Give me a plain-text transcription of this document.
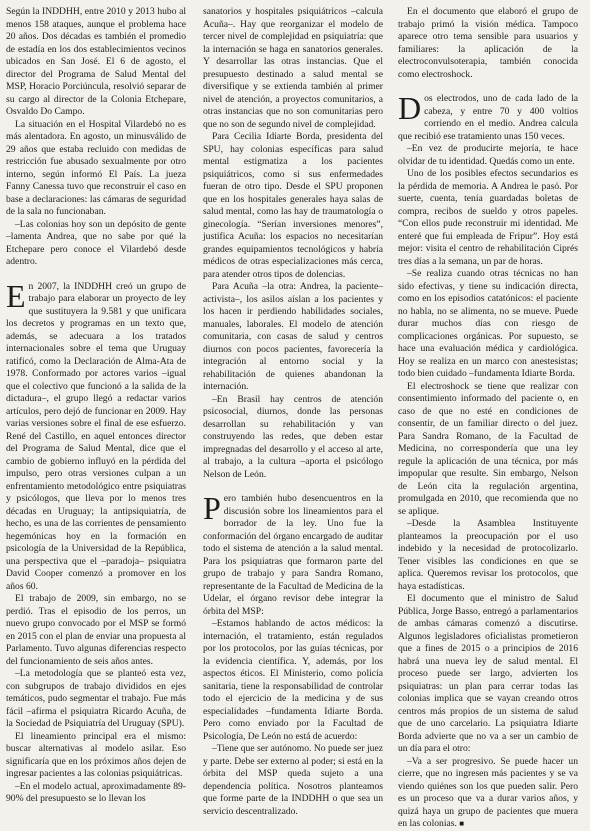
Según la INDDHH, entre 2010 y 2013 hubo al menos 158 ataques, aunque el problema hace 20 años. Dos décadas es también el promedio de estadía en los dos establecimientos vecinos ubicados en San José. El 6 de agosto, el director del Programa de Salud Mental del MSP, Horacio Porciúncula, resolvió separar de su cargo al director de la Colonia Etchepare, Osvaldo Do Campo.

La situación en el Hospital Vilardebó no es más alentadora. En agosto, un minusválido de 29 años que estaba recluido con medidas de restricción fue abusado sexualmente por otro interno, según informó El País. La jueza Fanny Canessa tuvo que reconstruir el caso en base a declaraciones: las cámaras de seguridad de la sala no funcionaban.

–Las colonias hoy son un depósito de gente –lamenta Andrea, que no sabe por qué la Etchepare pero conoce el Vilardebó desde adentro.

En 2007, la INDDHH creó un grupo de trabajo para elaborar un proyecto de ley que sustituyera la 9.581 y que unificara los decretos y programas en un texto que, además, se adecuara a los tratados internacionales sobre el tema que Uruguay ratificó, como la Declaración de Alma-Ata de 1978. Conformado por actores varios –igual que el colectivo que funcionó a la salida de la dictadura–, el grupo llegó a redactar varios artículos, pero dejó de funcionar en 2009. Hay varias versiones sobre el final de ese esfuerzo. René del Castillo, en aquel entonces director del Programa de Salud Mental, dice que el cambio de gobierno influyó en la pérdida del impulso, pero otras versiones culpan a un enfrentamiento metodológico entre psiquiatras y psicólogos, que lleva por lo menos tres décadas en Uruguay; la antipsiquiatría, de hecho, es una de las corrientes de pensamiento hegemónicas hoy en la formación en psicología de la Universidad de la República, una perspectiva que el –paradoja– psiquiatra David Cooper comenzó a promover en los años 60.

El trabajo de 2009, sin embargo, no se perdió. Tras el episodio de los perros, un nuevo grupo convocado por el MSP se formó en 2015 con el plan de enviar una propuesta al Parlamento. Tuvo algunas diferencias respecto del funcionamiento de seis años antes.

–La metodología que se planteó esta vez, con subgrupos de trabajo divididos en ejes temáticos, pudo segmentar el trabajo. Fue más fácil –afirma el psiquiatra Ricardo Acuña, de la Sociedad de Psiquiatría del Uruguay (SPU).

El lineamiento principal era el mismo: buscar alternativas al modelo asilar. Eso significaría que en los próximos años dejen de ingresar pacientes a las colonias psiquiátricas.

–En el modelo actual, aproximadamente 89-90% del presupuesto se lo llevan los

sanatorios y hospitales psiquiátricos –calcula Acuña–. Hay que reorganizar el modelo de tercer nivel de complejidad en psiquiatría: que la internación se haga en sanatorios generales. Y desarrollar las otras instancias. Que el presupuesto destinado a salud mental se diversifique y se extienda también al primer nivel de atención, a proyectos comunitarios, a otras instancias que no son comunitarias pero que no son de segundo nivel de complejidad.

Para Cecilia Idiarte Borda, presidenta del SPU, hay colonias específicas para salud mental estigmatiza a los pacientes psiquiátricos, como si sus enfermedades fueran de otro tipo. Desde el SPU proponen que en los hospitales generales haya salas de salud mental, como las hay de traumatología o ginecología. “Serían inversiones menores”, justifica Acuña: los espacios no necesitarían grandes equipamientos tecnológicos y habría médicos de otras especializaciones más cerca, para atender otros tipos de dolencias.

Para Acuña –la otra: Andrea, la paciente–activista–, los asilos aíslan a los pacientes y los hacen ir perdiendo habilidades sociales, manuales, laborales. El modelo de atención comunitaria, con casas de salud y centros diurnos con pocos pacientes, favorecería la integración al entorno social y la rehabilitación de quienes abandonan la internación.

–En Brasil hay centros de atención psicosocial, diurnos, donde las personas desarrollan su rehabilitación y van construyendo las redes, que deben estar impregnadas del desarrollo y el acceso al arte, al trabajo, a la cultura –aporta el psicólogo Nelson de León.

Pero también hubo desencuentros en la discusión sobre los lineamientos para el borrador de la ley. Uno fue la conformación del órgano encargado de auditar todo el sistema de atención a la salud mental. Para los psiquiatras que formaron parte del grupo de trabajo y para Sandra Romano, representante de la Facultad de Medicina de la Udelar, el órgano revisor debe integrar la órbita del MSP:

–Estamos hablando de actos médicos: la internación, el tratamiento, están regulados por los protocolos, por las guías técnicas, por la evidencia científica. Y, además, por los aspectos éticos. El Ministerio, como policía sanitaria, tiene la responsabilidad de controlar todo el ejercicio de la medicina y de sus especialidades –fundamenta Idiarte Borda. Pero como enviado por la Facultad de Psicología, De León no está de acuerdo:

–Tiene que ser autónomo. No puede ser juez y parte. Debe ser externo al poder; si está en la órbita del MSP queda sujeto a una dependencia política. Nosotros planteamos que forme parte de la INDDHH o que sea un servicio descentralizado.

En el documento que elaboró el grupo de trabajo primó la visión médica. Tampoco aparece otro tema sensible para usuarios y familiares: la aplicación de la electroconvulsoterapia, también conocida como electroshock.

Dos electrodos, uno de cada lado de la cabeza, y entre 70 y 400 voltios corriendo en el medio. Andrea calcula que recibió ese tratamiento unas 150 veces.

–En vez de producirte mejoría, te hace olvidar de tu identidad. Quedás como un ente.

Uno de los posibles efectos secundarios es la pérdida de memoria. A Andrea le pasó. Por suerte, cuenta, tenía guardadas boletas de compra, recibos de sueldo y otros papeles. “Con ellos pude reconstruir mi identidad. Me enteré que fui empleada de Fripur”. Hoy está mejor: visita el centro de rehabilitación Ciprés tres días a la semana, un par de horas.

–Se realiza cuando otras técnicas no han sido efectivas, y tiene su indicación directa, como en los episodios catatónicos: el paciente no habla, no se alimenta, no se mueve. Puede durar muchos días con riesgo de complicaciones orgánicas. Por supuesto, se hace una evaluación médica y cardiológica. Hoy se realiza en un marco con anestesistas; todo bien cuidado –fundamenta Idiarte Borda.

El electroshock se tiene que realizar con consentimiento informado del paciente o, en caso de que no esté en condiciones de consentir, de un familiar directo o del juez. Para Sandra Romano, de la Facultad de Medicina, no correspondería que una ley regule la aplicación de una técnica, por más impopular que resulte. Sin embargo, Nelson de León cita la regulación argentina, promulgada en 2010, que recomienda que no se aplique.

–Desde la Asamblea Instituyente planteamos la preocupación por el uso indebido y la necesidad de protocolizarlo. Tener visibles las condiciones en que se aplica. Queremos revisar los protocolos, que haya estadísticas.

El documento que el ministro de Salud Pública, Jorge Basso, entregó a parlamentarios de ambas cámaras comenzó a discutirse. Algunos legisladores oficialistas prometieron que a fines de 2015 o a principios de 2016 habrá una nueva ley de salud mental. El proceso puede ser largo, advierten los psiquiatras: un plan para cerrar todas las colonias implica que se vayan creando otros centros más propios de un sistema de salud que de uno carcelario. La psiquiatra Idiarte Borda advierte que no va a ser un cambio de un día para el otro:

–Va a ser progresivo. Se puede hacer un cierre, que no ingresen más pacientes y se va viendo quiénes son los que pueden salir. Pero es un proceso que va a durar varios años, y quizá haya un grupo de pacientes que muera en las colonias. ■
